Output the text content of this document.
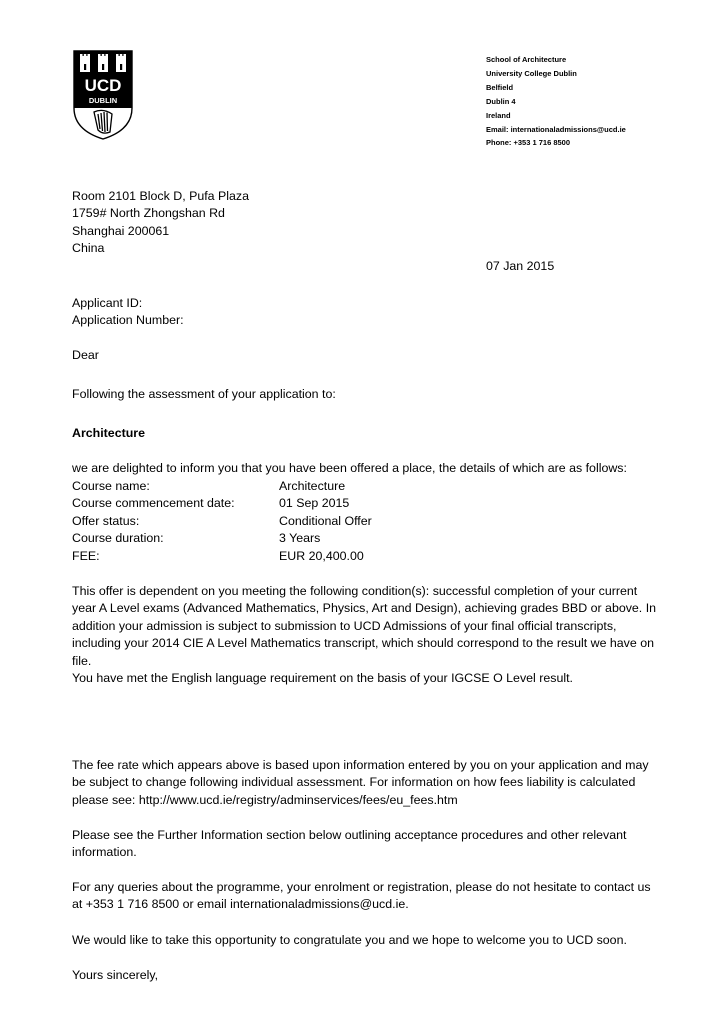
UCD
DUBLIN
School of Architecture
University College Dublin
Belfield
Dublin 4
Ireland
Email: internationaladmissions@ucd.ie
Phone: +353 1 716 8500
Room 2101 Block D, Pufa Plaza
1759# North Zhongshan Rd
Shanghai 200061
China
07 Jan 2015
Applicant ID:
Application Number:
Dear
Following the assessment of your application to:
Architecture
we are delighted to inform you that you have been offered a place, the details of which are as follows:
Course name:	Architecture
Course commencement date:	01 Sep 2015
Offer status:	Conditional Offer
Course duration:	3 Years
FEE:	EUR 20,400.00
This offer is dependent on you meeting the following condition(s): successful completion of your current
year A Level exams (Advanced Mathematics, Physics, Art and Design), achieving grades BBD or above. In
addition your admission is subject to submission to UCD Admissions of your final official transcripts,
including your 2014 CIE A Level Mathematics transcript, which should correspond to the result we have on
file.
You have met the English language requirement on the basis of your IGCSE O Level result.
The fee rate which appears above is based upon information entered by you on your application and may
be subject to change following individual assessment. For information on how fees liability is calculated
please see: http://www.ucd.ie/registry/adminservices/fees/eu_fees.htm
Please see the Further Information section below outlining acceptance procedures and other relevant
information.
For any queries about the programme, your enrolment or registration, please do not hesitate to contact us
at +353 1 716 8500 or email internationaladmissions@ucd.ie.
We would like to take this opportunity to congratulate you and we hope to welcome you to UCD soon.
Yours sincerely,
